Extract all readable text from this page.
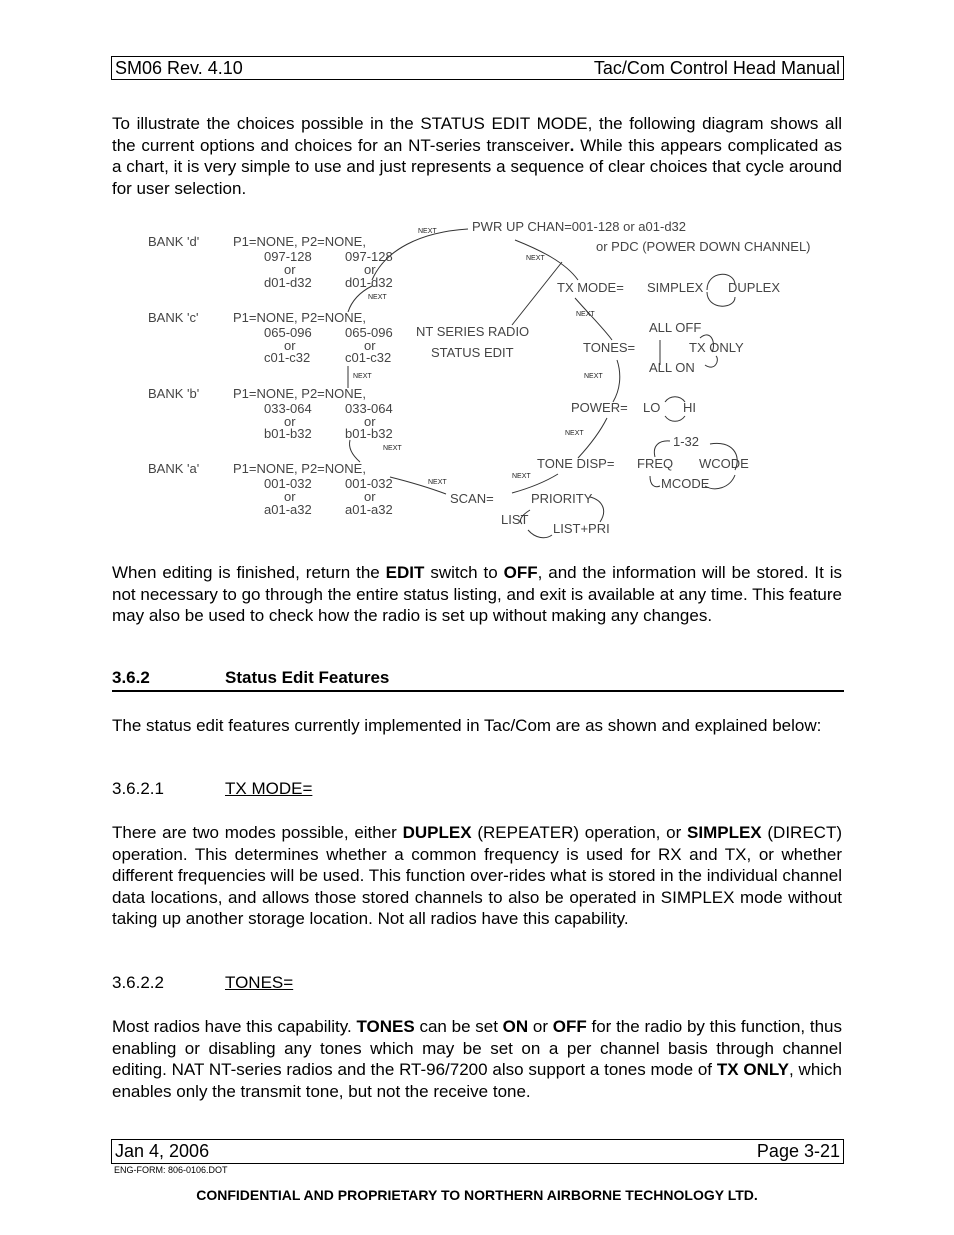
SM06 Rev. 4.10	Tac/Com Control Head Manual

To illustrate the choices possible in the STATUS EDIT MODE, the following diagram shows all the current options and choices for an NT-series transceiver. While this appears complicated as a chart, it is very simple to use and just represents a sequence of clear choices that cycle around for user selection.

BANK 'd'	P1=NONE, P2=NONE,
097-128	097-128
or	or
d01-d32	d01-d32
BANK 'c'	P1=NONE, P2=NONE,
065-096	065-096
or	or
c01-c32	c01-c32
BANK 'b'	P1=NONE, P2=NONE,
033-064	033-064
or	or
b01-b32	b01-b32
BANK 'a'	P1=NONE, P2=NONE,
001-032	001-032
or	or
a01-a32	a01-a32
PWR UP CHAN=001-128 or a01-d32
or PDC (POWER DOWN CHANNEL)
TX MODE= SIMPLEX DUPLEX
NT SERIES RADIO
STATUS EDIT	TONES=
ALL OFF
TX ONLY
ALL ON
POWER= LO HI
TONE DISP= FREQ WCODE
1-32
MCODE
SCAN=	PRIORITY
LIST
LIST+PRI
NEXT
NEXT
NEXT
NEXT
NEXT
NEXT
NEXT
NEXT
NEXT
NEXT

When editing is finished, return the EDIT switch to OFF, and the information will be stored. It is not necessary to go through the entire status listing, and exit is available at any time. This feature may also be used to check how the radio is set up without making any changes.

3.6.2	Status Edit Features

The status edit features currently implemented in Tac/Com are as shown and explained below:

3.6.2.1	TX MODE=

There are two modes possible, either DUPLEX (REPEATER) operation, or SIMPLEX (DIRECT) operation. This determines whether a common frequency is used for RX and TX, or whether different frequencies will be used. This function over-rides what is stored in the individual channel data locations, and allows those stored channels to also be operated in SIMPLEX mode without taking up another storage location. Not all radios have this capability.

3.6.2.2	TONES=

Most radios have this capability. TONES can be set ON or OFF for the radio by this function, thus enabling or disabling any tones which may be set on a per channel basis through channel editing. NAT NT-series radios and the RT-96/7200 also support a tones mode of TX ONLY, which enables only the transmit tone, but not the receive tone.

Jan 4, 2006	Page 3-21
ENG-FORM: 806-0106.DOT
CONFIDENTIAL AND PROPRIETARY TO NORTHERN AIRBORNE TECHNOLOGY LTD.
